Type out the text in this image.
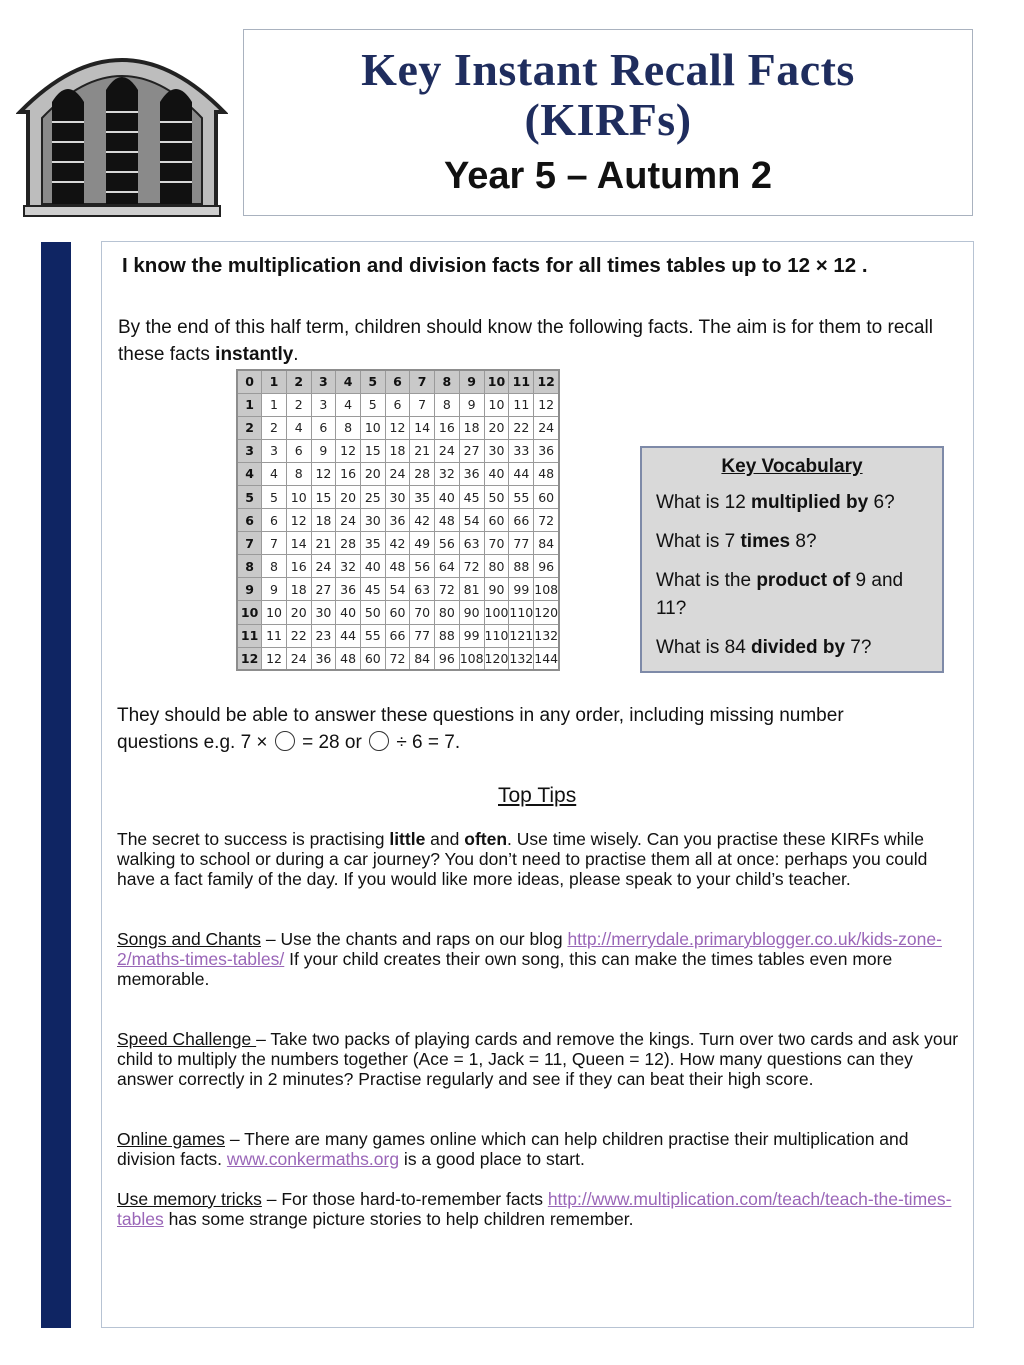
Key Instant Recall Facts
(KIRFs)
Year 5 – Autumn 2
I know the multiplication and division facts for all times tables up to 12 × 12 .
By the end of this half term, children should know the following facts. The aim is for them to recall these facts instantly.
0	1	2	3	4	5	6	7	8	9	10	11	12
1	1	2	3	4	5	6	7	8	9	10	11	12
2	2	4	6	8	10	12	14	16	18	20	22	24
3	3	6	9	12	15	18	21	24	27	30	33	36
4	4	8	12	16	20	24	28	32	36	40	44	48
5	5	10	15	20	25	30	35	40	45	50	55	60
6	6	12	18	24	30	36	42	48	54	60	66	72
7	7	14	21	28	35	42	49	56	63	70	77	84
8	8	16	24	32	40	48	56	64	72	80	88	96
9	9	18	27	36	45	54	63	72	81	90	99	108
10	10	20	30	40	50	60	70	80	90	100	110	120
11	11	22	23	44	55	66	77	88	99	110	121	132
12	12	24	36	48	60	72	84	96	108	120	132	144
Key Vocabulary

What is 12 multiplied by 6?

What is 7 times 8?

What is the product of 9 and 11?

What is 84 divided by 7?

They should be able to answer these questions in any order, including missing number
questions e.g. 7 ×  = 28 or  ÷ 6 = 7.
Top Tips

The secret to success is practising little and often. Use time wisely. Can you practise these KIRFs while walking to school or during a car journey? You don’t need to practise them all at once: perhaps you could have a fact family of the day. If you would like more ideas, please speak to your child’s teacher.

Songs and Chants – Use the chants and raps on our blog http://merrydale.primaryblogger.co.uk/kids-zone-2/maths-times-tables/ If your child creates their own song, this can make the times tables even more memorable.

Speed Challenge – Take two packs of playing cards and remove the kings. Turn over two cards and ask your child to multiply the numbers together (Ace = 1, Jack = 11, Queen = 12). How many questions can they answer correctly in 2 minutes? Practise regularly and see if they can beat their high score.

Online games – There are many games online which can help children practise their multiplication and division facts. www.conkermaths.org is a good place to start.

Use memory tricks – For those hard-to-remember facts http://www.multiplication.com/teach/teach-the-times-tables has some strange picture stories to help children remember.
